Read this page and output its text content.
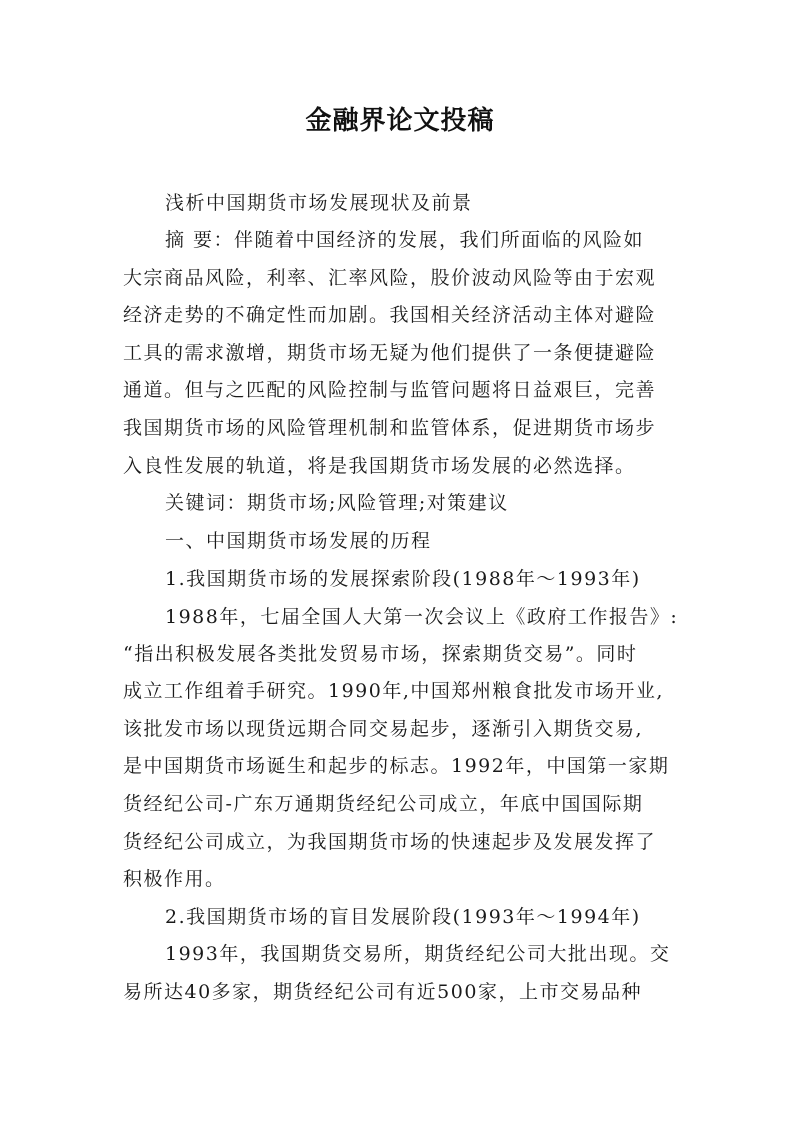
金融界论文投稿
浅析中国期货市场发展现状及前景
摘 要：伴随着中国经济的发展，我们所面临的风险如
大宗商品风险，利率、汇率风险，股价波动风险等由于宏观
经济走势的不确定性而加剧。我国相关经济活动主体对避险
工具的需求激增，期货市场无疑为他们提供了一条便捷避险
通道。但与之匹配的风险控制与监管问题将日益艰巨，完善
我国期货市场的风险管理机制和监管体系，促进期货市场步
入良性发展的轨道，将是我国期货市场发展的必然选择。
关键词：期货市场;风险管理;对策建议
一、中国期货市场发展的历程
1.我国期货市场的发展探索阶段(1988年～1993年)
1988年，七届全国人大第一次会议上《政府工作报告》:
“指出积极发展各类批发贸易市场，探索期货交易”。同时
成立工作组着手研究。1990年,中国郑州粮食批发市场开业,
该批发市场以现货远期合同交易起步，逐渐引入期货交易,
是中国期货市场诞生和起步的标志。1992年，中国第一家期
货经纪公司-广东万通期货经纪公司成立，年底中国国际期
货经纪公司成立，为我国期货市场的快速起步及发展发挥了
积极作用。
2.我国期货市场的盲目发展阶段(1993年～1994年)
1993年，我国期货交易所，期货经纪公司大批出现。交
易所达40多家，期货经纪公司有近500家，上市交易品种
